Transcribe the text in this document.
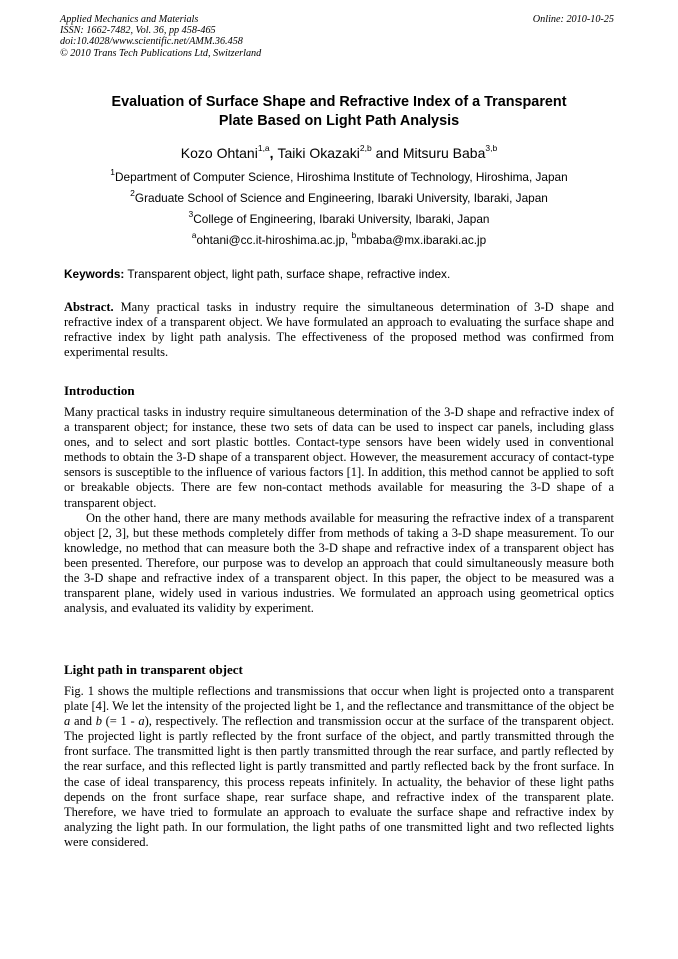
Applied Mechanics and Materials
ISSN: 1662-7482, Vol. 36, pp 458-465
doi:10.4028/www.scientific.net/AMM.36.458
© 2010 Trans Tech Publications Ltd, Switzerland
Online: 2010-10-25
Evaluation of Surface Shape and Refractive Index of a Transparent
Plate Based on Light Path Analysis
Kozo Ohtani$^{1,a}$, Taiki Okazaki$^{2,b}$ and Mitsuru Baba$^{3,b}$
$^1$Department of Computer Science, Hiroshima Institute of Technology, Hiroshima, Japan
$^2$Graduate School of Science and Engineering, Ibaraki University, Ibaraki, Japan
$^3$College of Engineering, Ibaraki University, Ibaraki, Japan
$^a$ohtani@cc.it-hiroshima.ac.jp, $^b$mbaba@mx.ibaraki.ac.jp
Keywords: Transparent object, light path, surface shape, refractive index.

Abstract. Many practical tasks in industry require the simultaneous determination of 3-D shape and refractive index of a transparent object. We have formulated an approach to evaluating the surface shape and refractive index by light path analysis. The effectiveness of the proposed method was confirmed from experimental results.

Introduction

Many practical tasks in industry require simultaneous determination of the 3-D shape and refractive index of a transparent object; for instance, these two sets of data can be used to inspect car panels, including glass ones, and to select and sort plastic bottles. Contact-type sensors have been widely used in conventional methods to obtain the 3-D shape of a transparent object. However, the measurement accuracy of contact-type sensors is susceptible to the influence of various factors [1]. In addition, this method cannot be applied to soft or breakable objects. There are few non-contact methods available for measuring the 3-D shape of a transparent object.

On the other hand, there are many methods available for measuring the refractive index of a transparent object [2, 3], but these methods completely differ from methods of taking a 3-D shape measurement. To our knowledge, no method that can measure both the 3-D shape and refractive index of a transparent object has been presented. Therefore, our purpose was to develop an approach that could simultaneously measure both the 3-D shape and refractive index of a transparent object. In this paper, the object to be measured was a transparent plane, widely used in various industries. We formulated an approach using geometrical optics analysis, and evaluated its validity by experiment.

Light path in transparent object

Fig. 1 shows the multiple reflections and transmissions that occur when light is projected onto a transparent plate [4]. We let the intensity of the projected light be 1, and the reflectance and transmittance of the object be a and b (= 1 - a), respectively. The reflection and transmission occur at the surface of the transparent object. The projected light is partly reflected by the front surface of the object, and partly transmitted through the front surface. The transmitted light is then partly transmitted through the rear surface, and partly reflected by the rear surface, and this reflected light is partly transmitted and partly reflected back by the front surface. In the case of ideal transparency, this process repeats infinitely. In actuality, the behavior of these light paths depends on the front surface shape, rear surface shape, and refractive index of the transparent plate. Therefore, we have tried to formulate an approach to evaluate the surface shape and refractive index by analyzing the light path. In our formulation, the light paths of one transmitted light and two reflected lights were considered.
